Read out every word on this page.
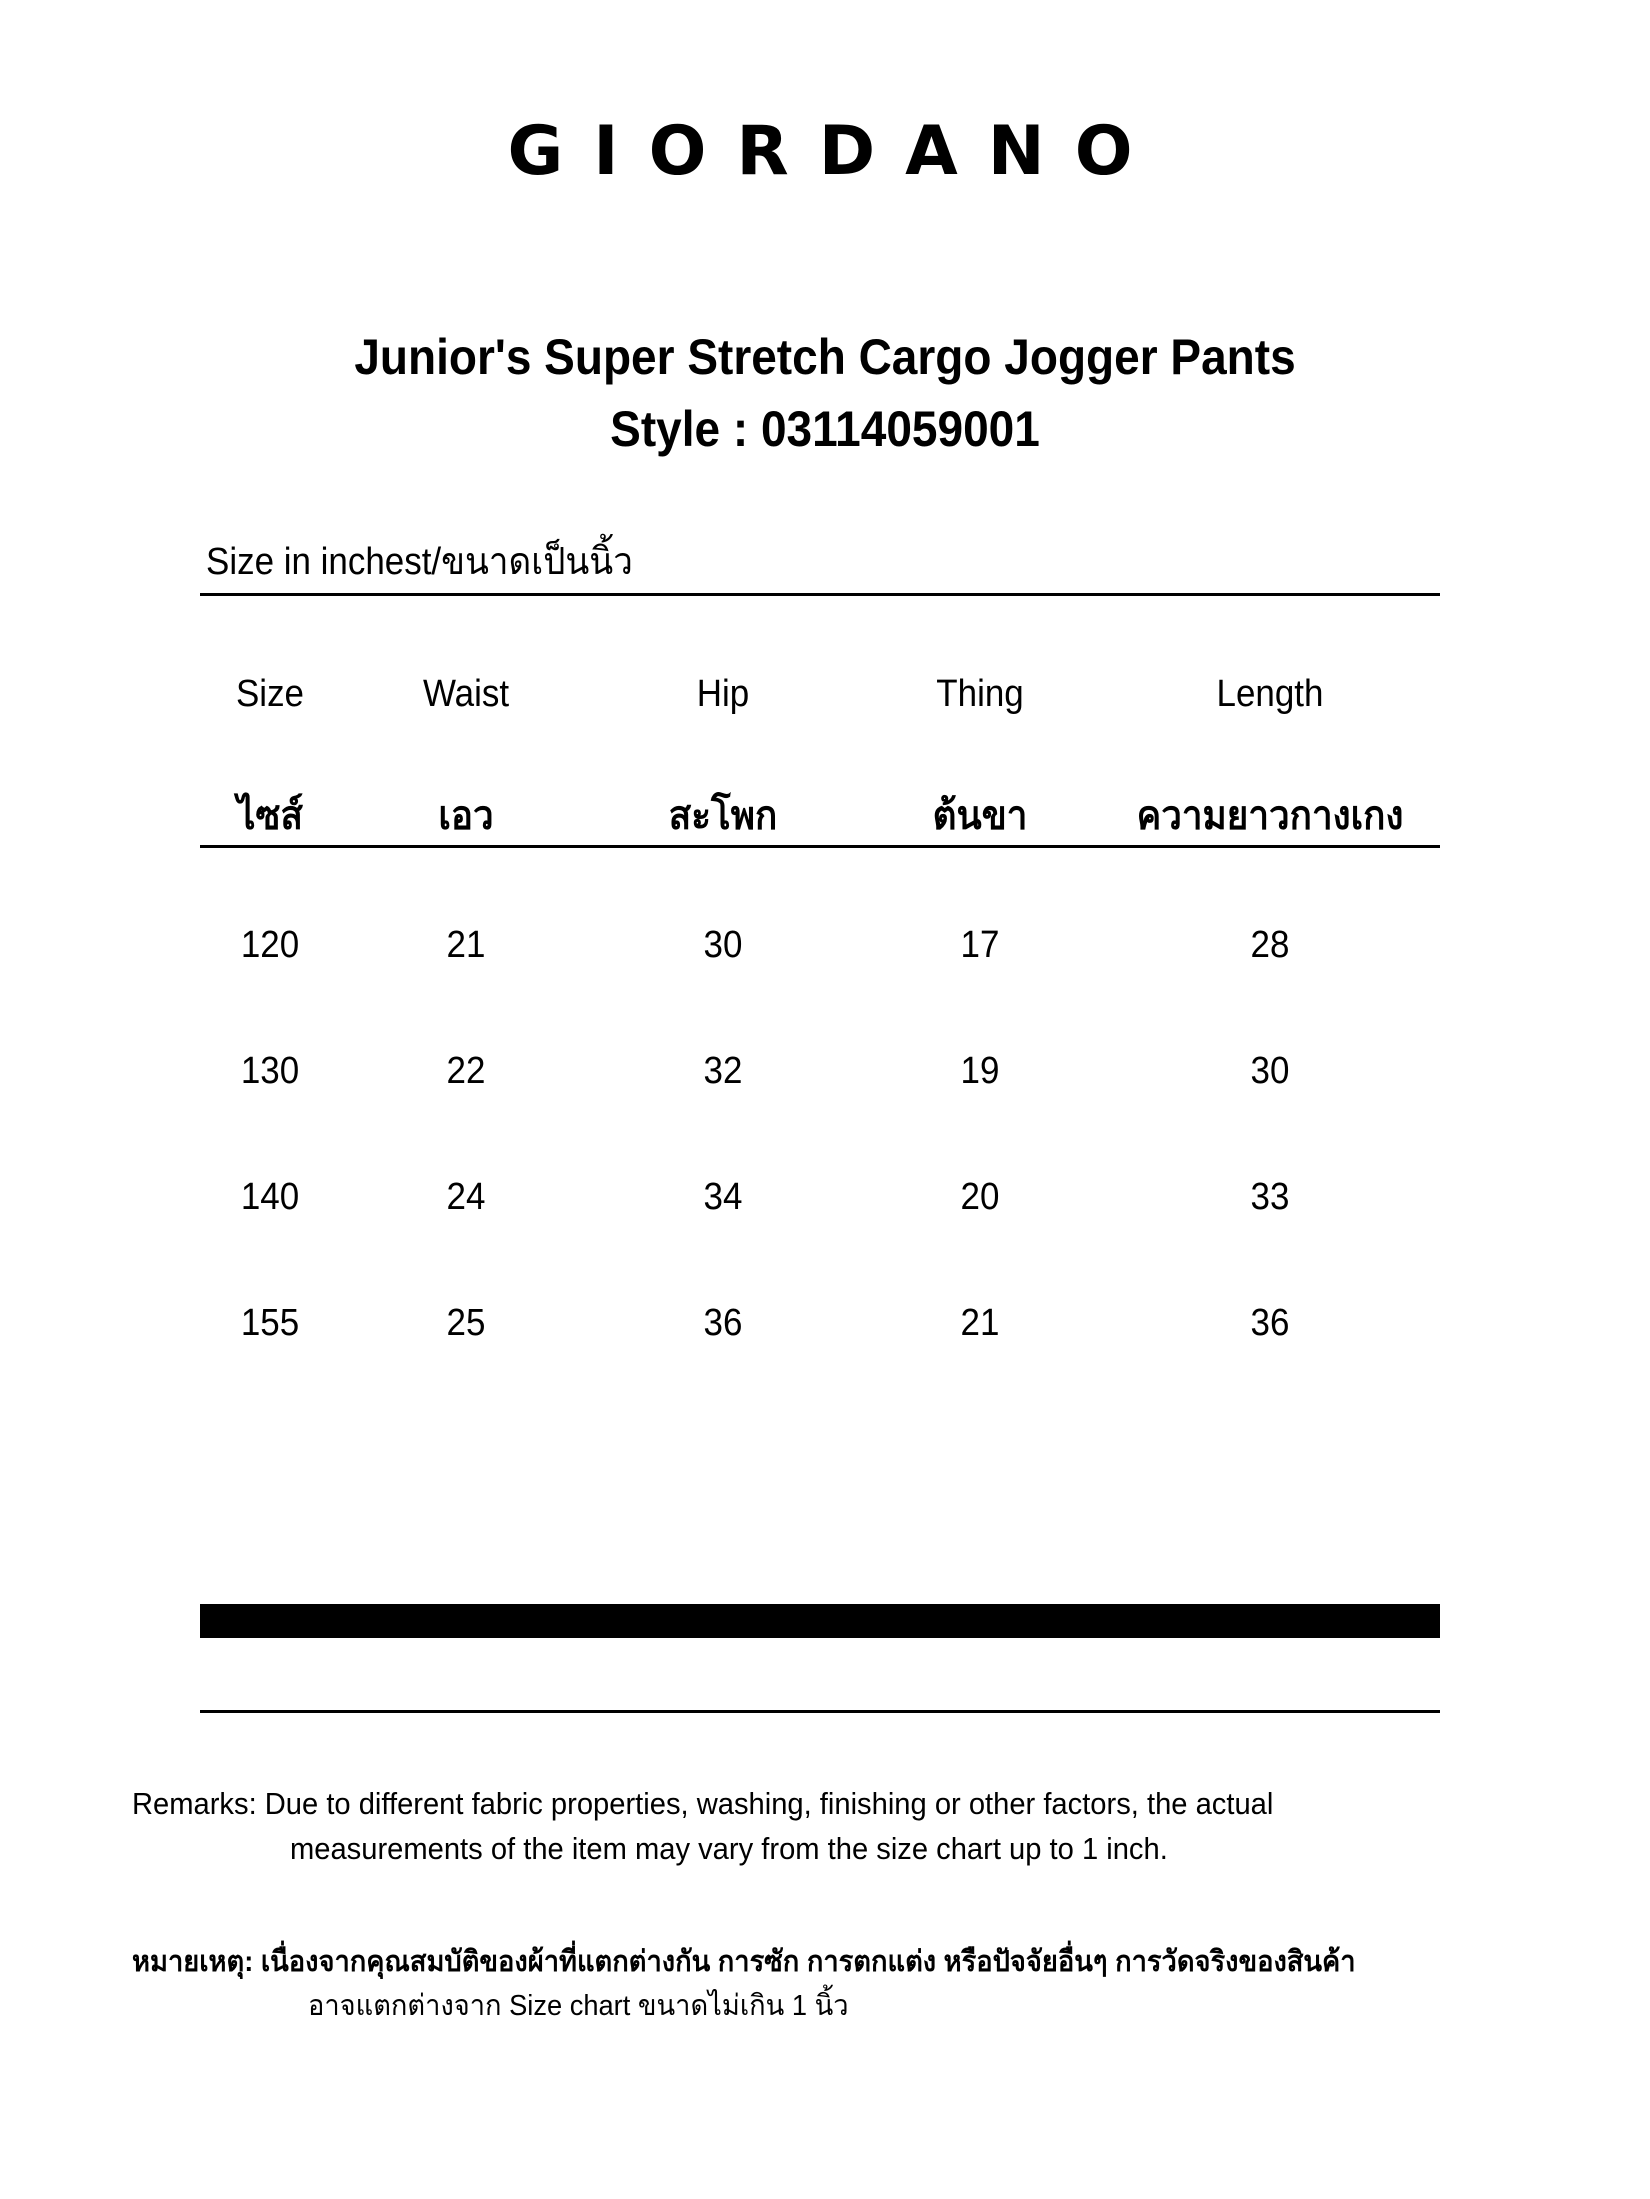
GIORDANO
Junior's Super Stretch Cargo Jogger Pants
Style : 03114059001
Size in inchest/ขนาดเป็นนิ้ว
Size	Waist	Hip	Thing	Length
ไซส์	เอว	สะโพก	ต้นขา	ความยาวกางเกง
120	21	30	17	28
130	22	32	19	30
140	24	34	20	33
155	25	36	21	36
Remarks: Due to different fabric properties, washing, finishing or other factors, the actual
measurements of the item may vary from the size chart up to 1 inch.
หมายเหตุ: เนื่องจากคุณสมบัติของผ้าที่แตกต่างกัน การซัก การตกแต่ง หรือปัจจัยอื่นๆ การวัดจริงของสินค้า
อาจแตกต่างจาก Size chart ขนาดไม่เกิน 1 นิ้ว
